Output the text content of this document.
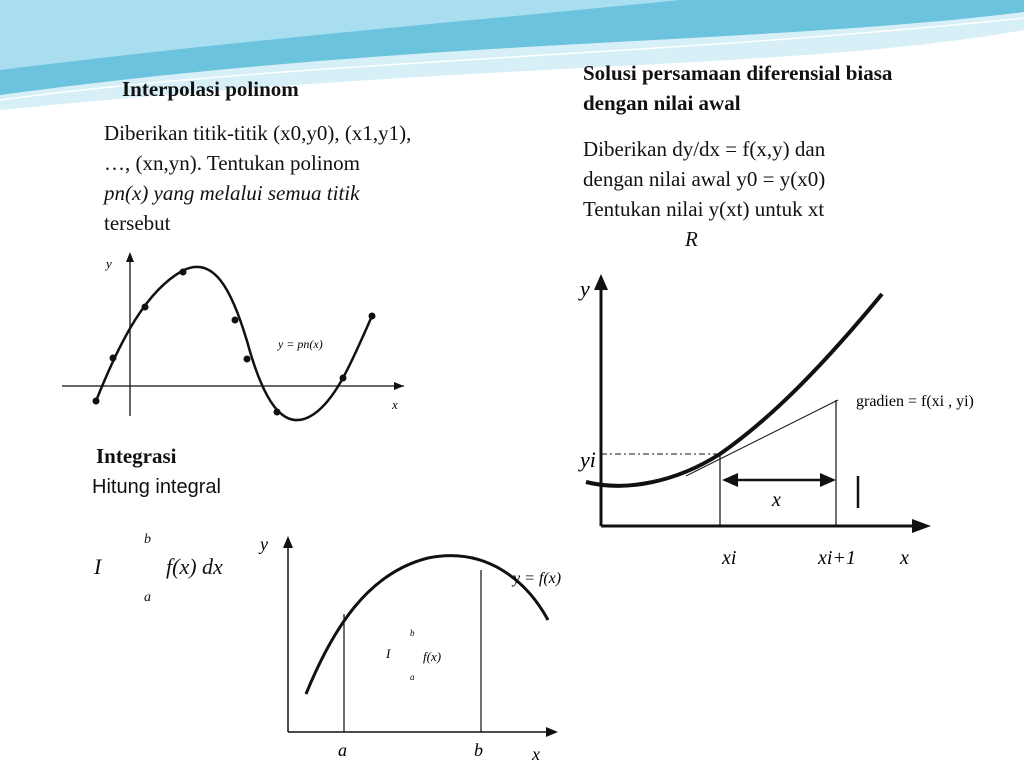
Interpolasi polinom
Diberikan titik-titik (x0,y0), (x1,y1),
…, (xn,yn). Tentukan polinom
pn(x) yang melalui semua titik
tersebut
y
x
y = pn(x)
Solusi persamaan diferensial biasa
dengan nilai awal
Diberikan dy/dx = f(x,y) dan
dengan nilai awal y0 = y(x0)
Tentukan nilai y(xt) untuk xt
R
y
yi
x
gradien = f(xi , yi)
xi	xi+1 x
Integrasi
Hitung integral
I
b
f(x) dx
a
y
y = f(x)
I
b
f(x)
a
a	b	x
